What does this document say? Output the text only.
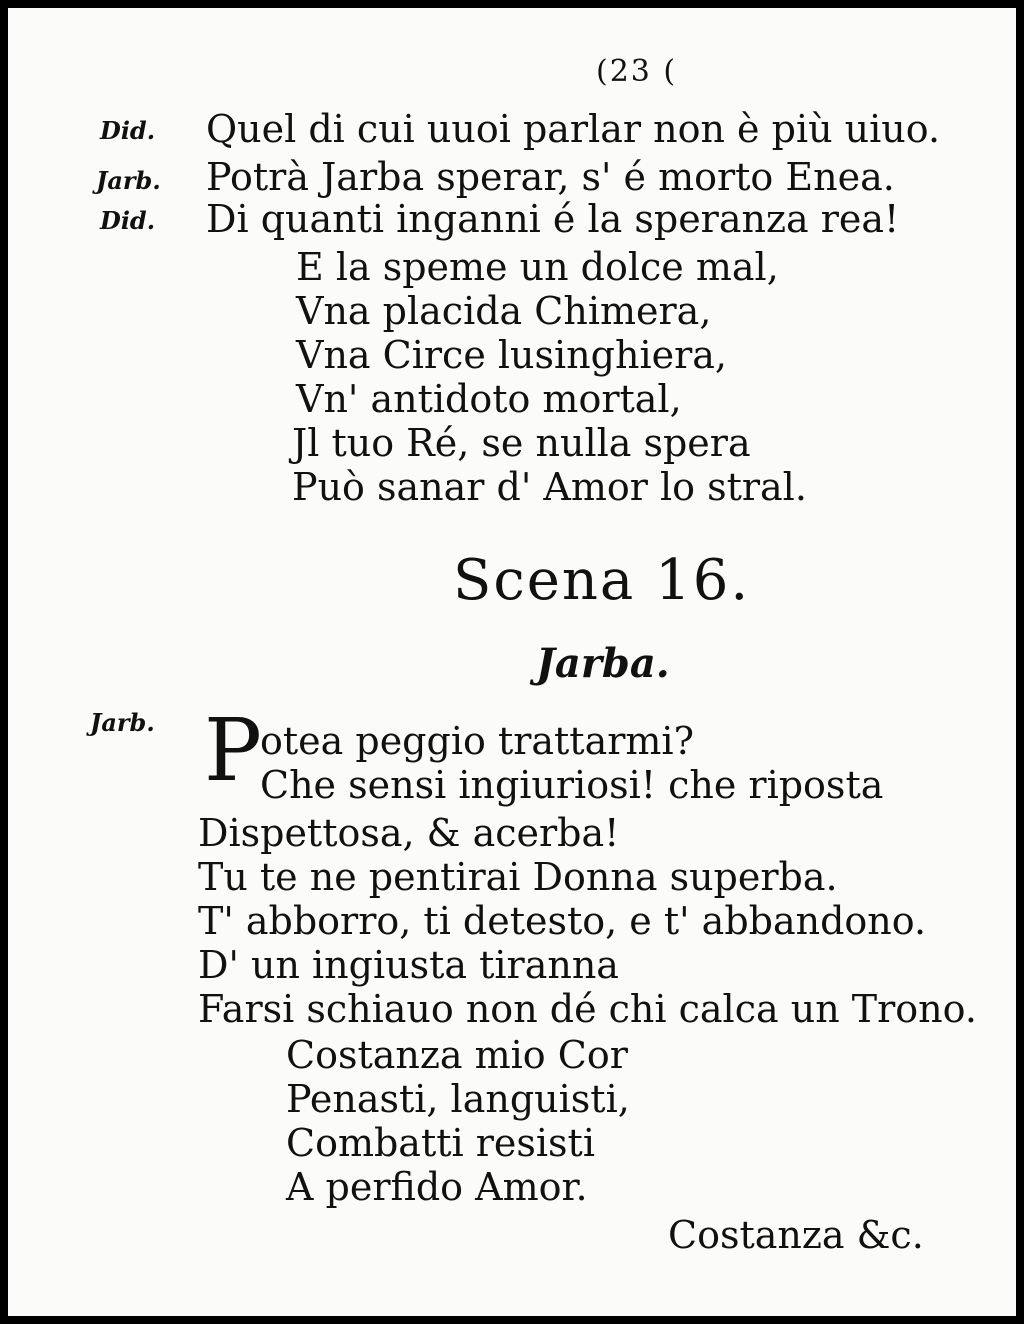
(23 (
Did. Quel di cui uuoi parlar non è più uiuo.
Jarb. Potrà Jarba sperar, s' é morto Enea.
Did. Di quanti inganni é la speranza rea!
E la speme un dolce mal,
Vna placida Chimera,
Vna Circe lusinghiera,
Vn' antidoto mortal,
Jl tuo Ré, se nulla spera
Può sanar d' Amor lo stral.
Scena 16.
Jarba.
Jarb. P
otea peggio trattarmi?
Che sensi ingiuriosi! che riposta
Dispettosa, & acerba!
Tu te ne pentirai Donna superba.
T' abborro, ti detesto, e t' abbandono.
D' un ingiusta tiranna
Farsi schiauo non dé chi calca un Trono.
Costanza mio Cor
Penasti, languisti,
Combatti resisti
A perfido Amor.
Costanza &c.
